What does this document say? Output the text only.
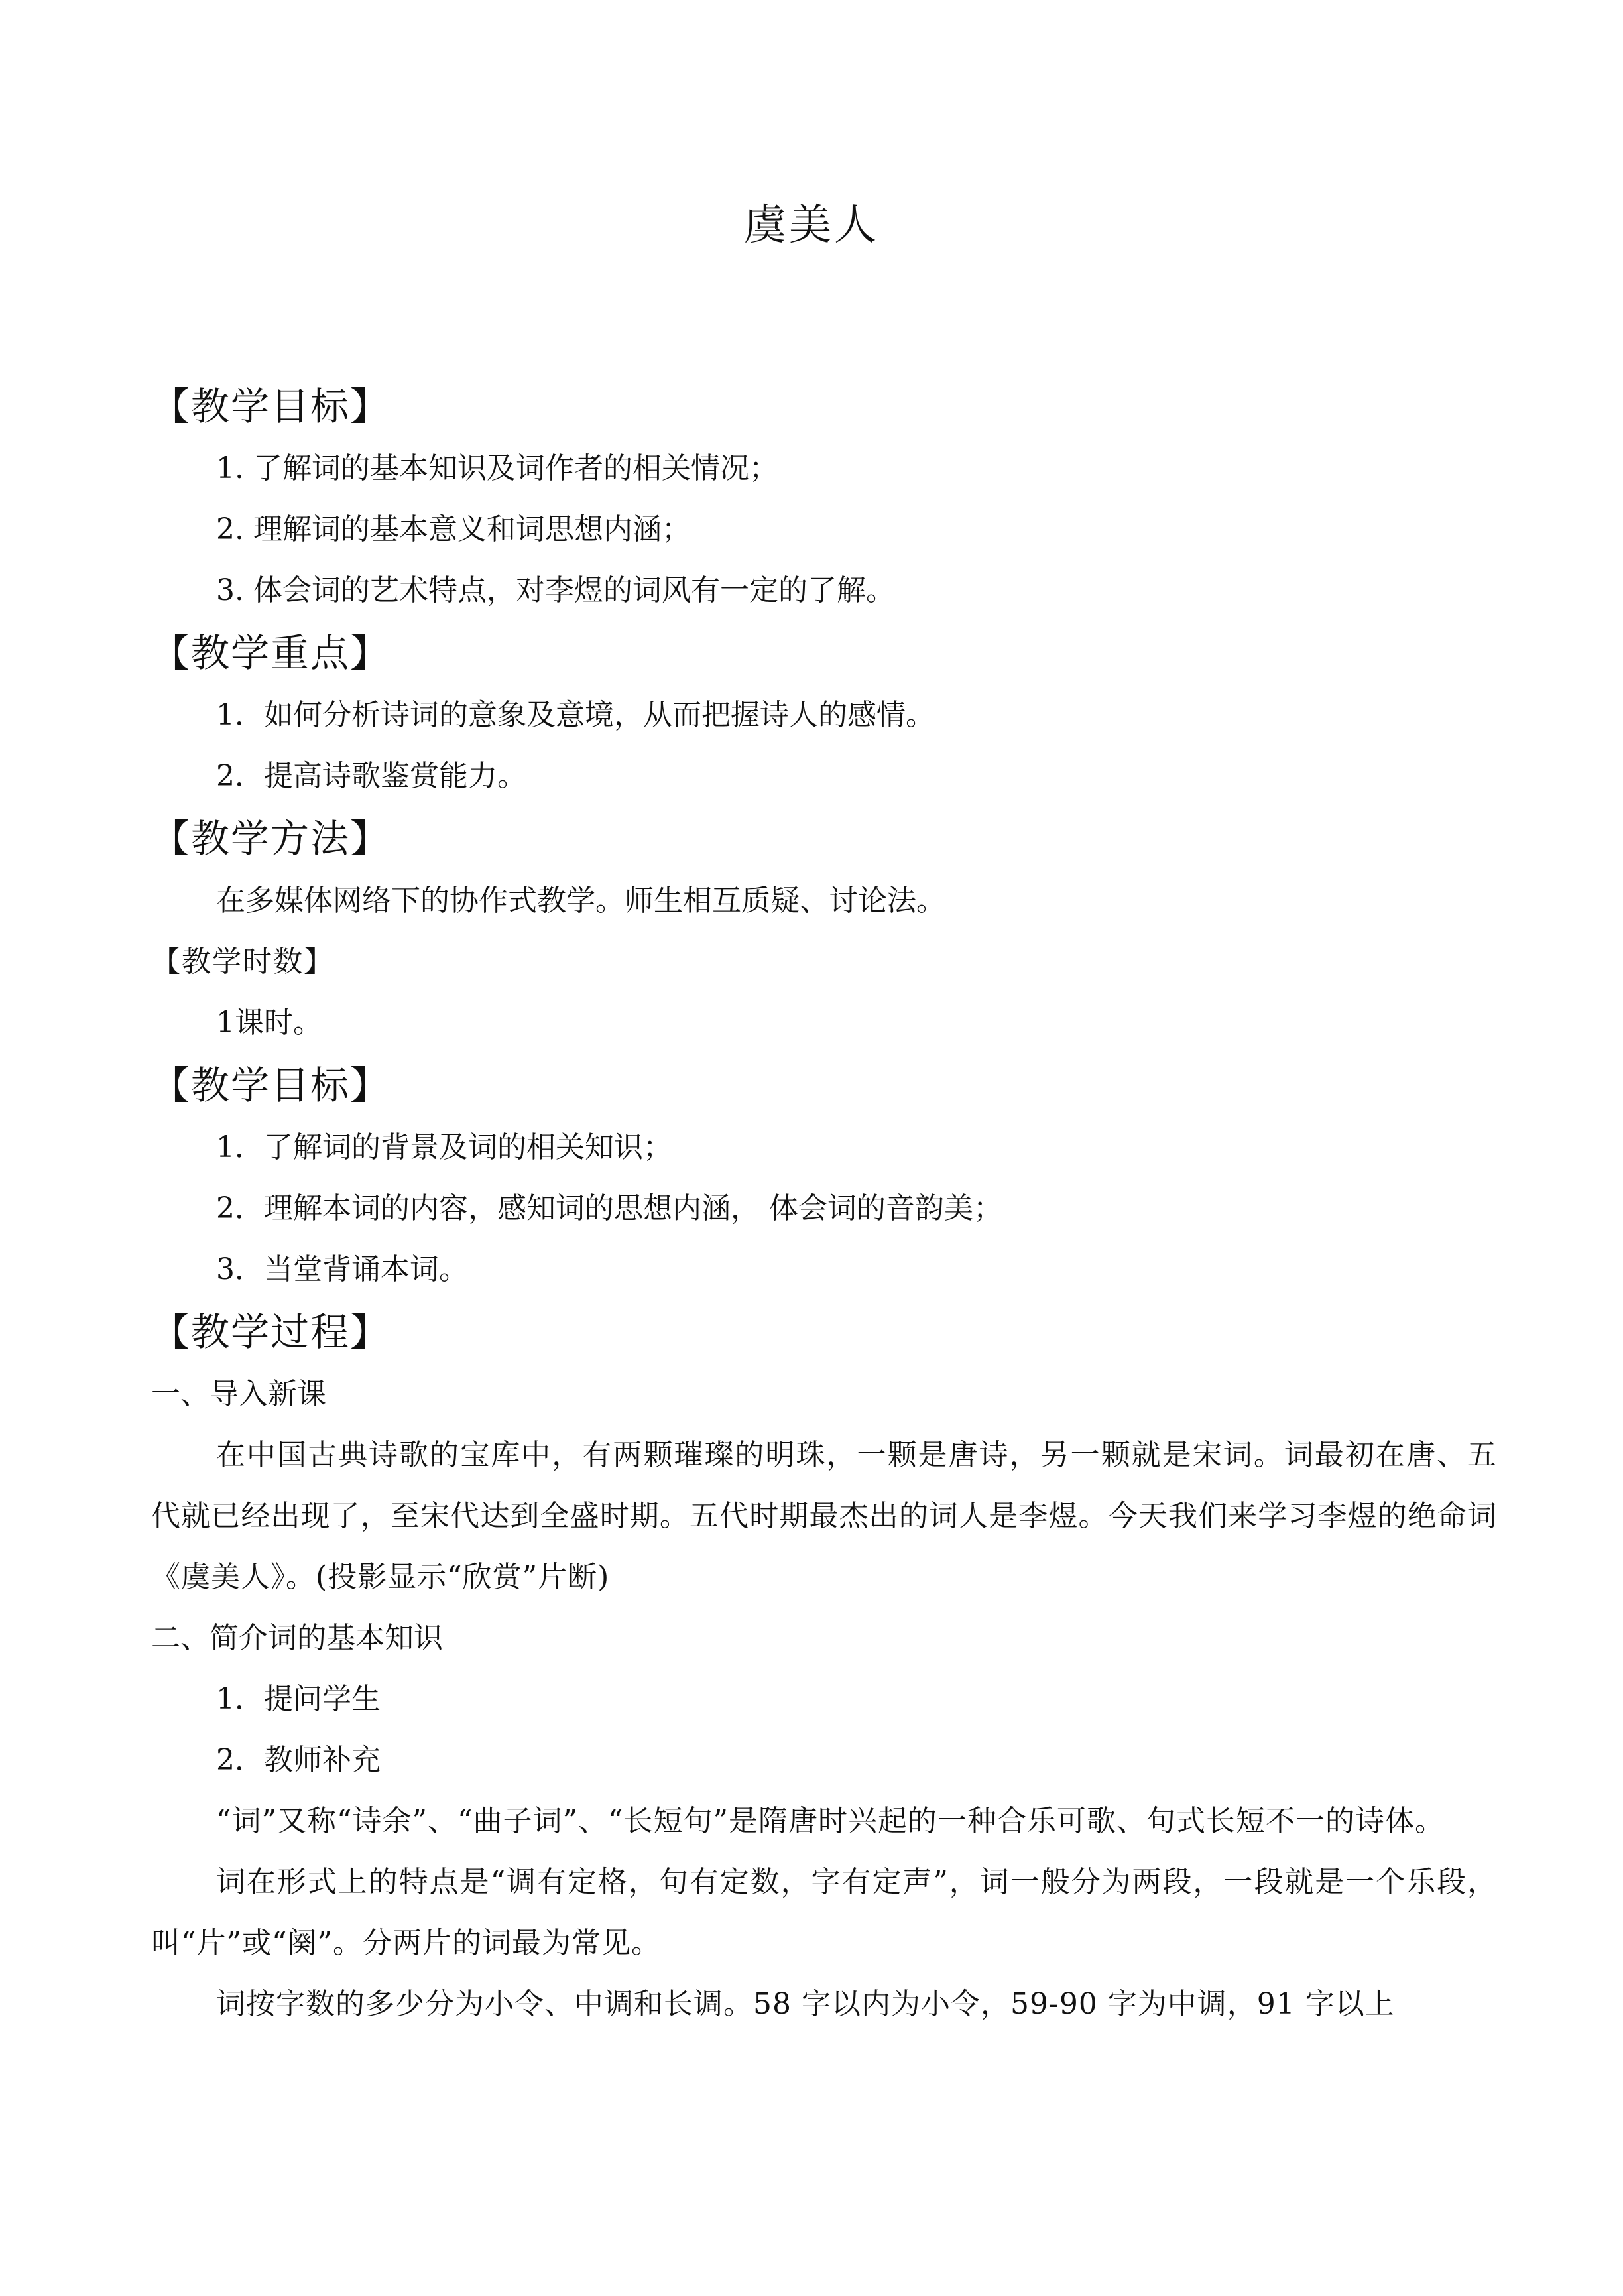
虞美人
【教学目标】
1. 了解词的基本知识及词作者的相关情况；
2. 理解词的基本意义和词思想内涵；
3. 体会词的艺术特点，对李煜的词风有一定的了解。
【教学重点】
1．如何分析诗词的意象及意境，从而把握诗人的感情。
2．提高诗歌鉴赏能力。
【教学方法】
在多媒体网络下的协作式教学。师生相互质疑、讨论法。
【教学时数】
1课时。
【教学目标】
1．了解词的背景及词的相关知识；
2．理解本词的内容，感知词的思想内涵， 体会词的音韵美；
3．当堂背诵本词。
【教学过程】
一、导入新课
在中国古典诗歌的宝库中，有两颗璀璨的明珠，一颗是唐诗，另一颗就是宋词。词最初在唐、五代就已经出现了，至宋代达到全盛时期。五代时期最杰出的词人是李煜。今天我们来学习李煜的绝命词《虞美人》。(投影显示“欣赏”片断)
二、简介词的基本知识
1．提问学生
2．教师补充
“词”又称“诗余”、“曲子词”、“长短句”是隋唐时兴起的一种合乐可歌、句式长短不一的诗体。
词在形式上的特点是“调有定格，句有定数，字有定声”，词一般分为两段，一段就是一个乐段，叫“片”或“阕”。分两片的词最为常见。
词按字数的多少分为小令、中调和长调。58 字以内为小令，59-90 字为中调，91 字以上
